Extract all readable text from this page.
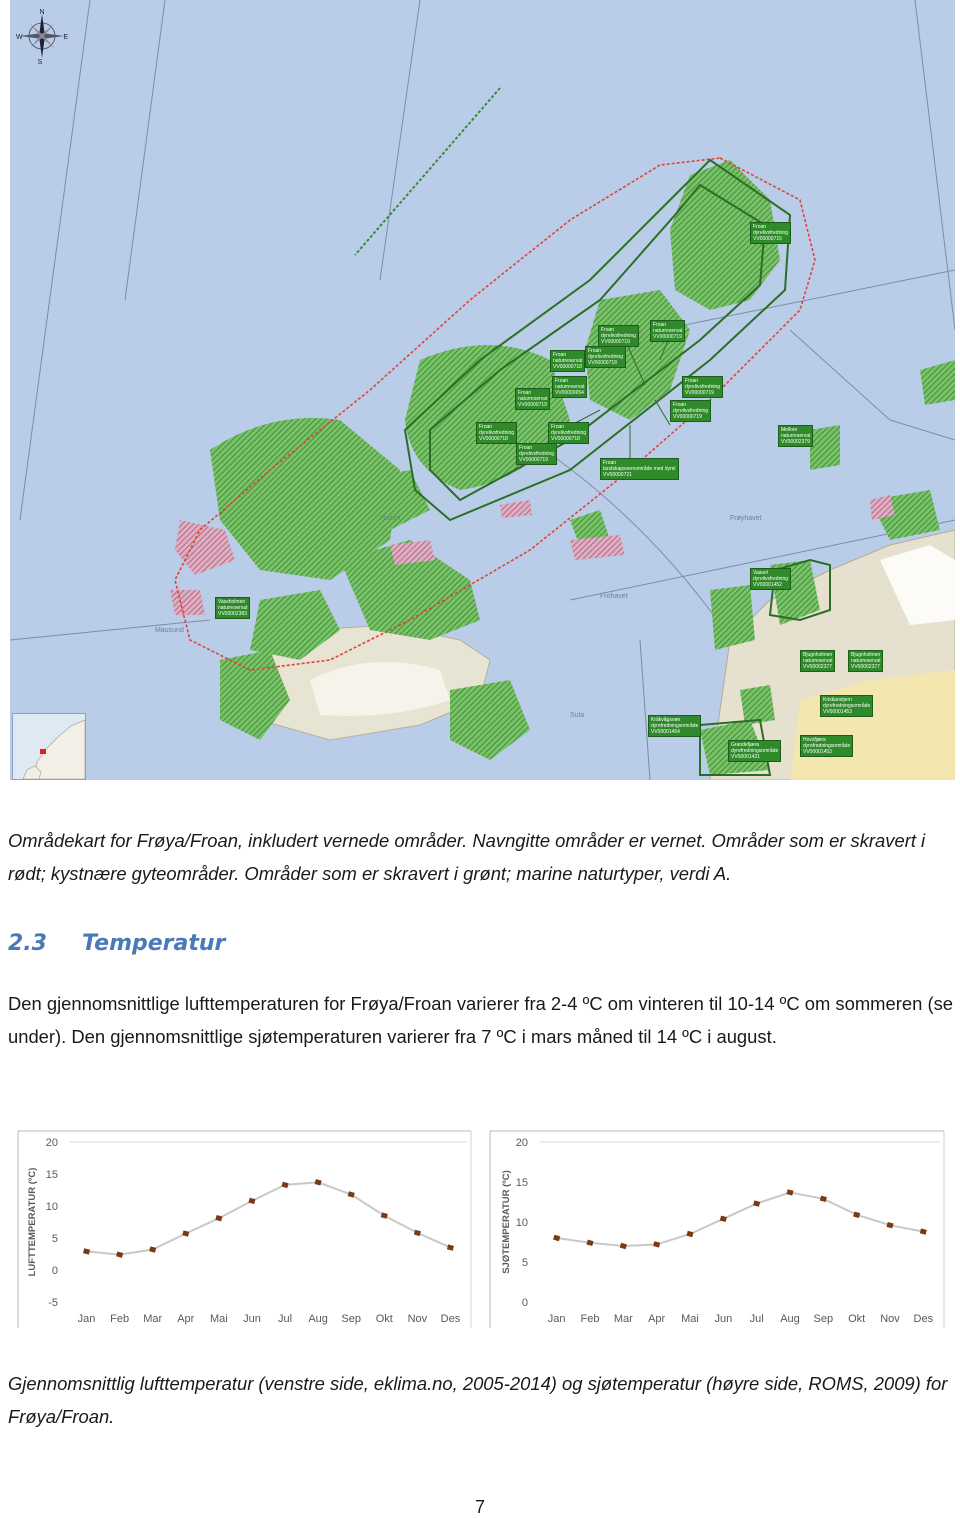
Frøyhavet
Halten
Sula
Mausund
Frohavet
N
E
S
W
Froan
dyrelivsfredning
VV00000715
Froan
naturreservat
VV00000719
Froan
dyrelivsfredning
VV00000719
Froan
dyrelivsfredning
VV00000718
Froan
naturreservat
VV00000718
Froan
landskapsvernområde med dyrel
VV00000721
Froan
naturreservat
VV00000719
Froan
dyrelivsfredning
VV00000718
Froan
naturreservat
VV00000654
Froan
dyrelivsfredning
VV00000719
Froan
dyrelivsfredning
VV00000719
Froan
dyrelivsfredning
VV00000718
Froan
dyrelivsfredning
VV00000719
Vassholmen
naturreservat
VV00002383
Mellom
naturreservat
VV00002379
Vaavel
dyrelivsfredning
VV00001452
Bjugnholmen
naturreservat
VV00002377
Bjugnholmen
naturreservat
VV00002377
Kristianstjern
dyrefredningsområde
VV00001453
Kråkvågsvær
dyrefredningsområde
VV00001454
Grandefjæra
dyrefredningsområde
VV00001431
Hovsfjæra
dyrefredningsområde
VV00001453

Områdekart for Frøya/Froan, inkludert vernede områder. Navngitte områder er vernet. Områder som er skravert i rødt; kystnære gyteområder. Områder som er skravert i grønt; marine naturtyper, verdi A.

2.3 Temperatur

Den gjennomsnittlige lufttemperaturen for Frøya/Froan varierer fra 2-4 ºC om vinteren til 10-14 ºC om sommeren (se under). Den gjennomsnittlige sjøtemperaturen varierer fra 7 ºC i mars måned til 14 ºC i august.

-5
0
5
10
15
20
LUFTTEMPERATUR (ºC)
Jan Feb Mar Apr Mai Jun Jul Aug Sep Okt Nov Des
0
5
10
15
20
SJØTEMPERATUR (ºC)
Jan Feb Mar Apr Mai Jun Jul Aug Sep Okt Nov Des

Gjennomsnittlig lufttemperatur (venstre side, eklima.no, 2005-2014) og sjøtemperatur (høyre side, ROMS, 2009) for Frøya/Froan.

7
